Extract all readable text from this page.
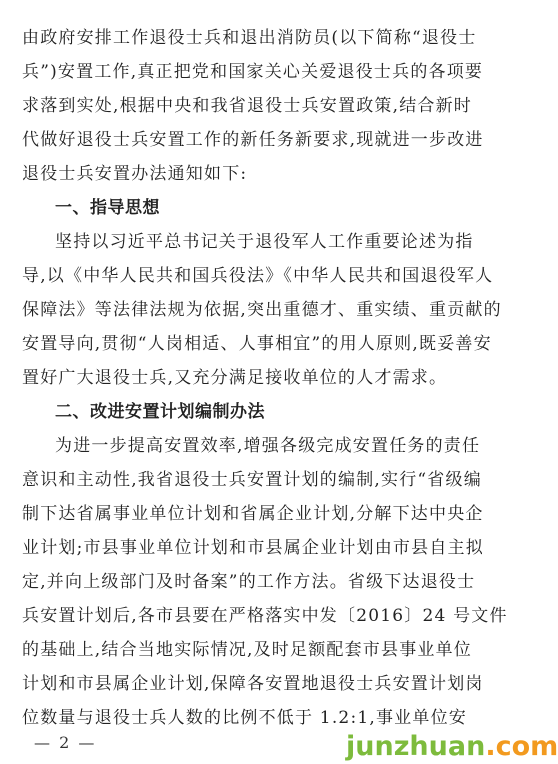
由政府安排工作退役士兵和退出消防员(以下简称“退役士
兵”)安置工作,真正把党和国家关心关爱退役士兵的各项要
求落到实处,根据中央和我省退役士兵安置政策,结合新时
代做好退役士兵安置工作的新任务新要求,现就进一步改进
退役士兵安置办法通知如下:
一、指导思想
坚持以习近平总书记关于退役军人工作重要论述为指
导,以《中华人民共和国兵役法》《中华人民共和国退役军人
保障法》等法律法规为依据,突出重德才、重实绩、重贡献的
安置导向,贯彻“人岗相适、人事相宜”的用人原则,既妥善安
置好广大退役士兵,又充分满足接收单位的人才需求。
二、改进安置计划编制办法
为进一步提高安置效率,增强各级完成安置任务的责任
意识和主动性,我省退役士兵安置计划的编制,实行“省级编
制下达省属事业单位计划和省属企业计划,分解下达中央企
业计划;市县事业单位计划和市县属企业计划由市县自主拟
定,并向上级部门及时备案”的工作方法。省级下达退役士
兵安置计划后,各市县要在严格落实中发〔2016〕24 号文件
的基础上,结合当地实际情况,及时足额配套市县事业单位
计划和市县属企业计划,保障各安置地退役士兵安置计划岗
位数量与退役士兵人数的比例不低于 1.2:1,事业单位安
— 2 —	junzhuan.com
